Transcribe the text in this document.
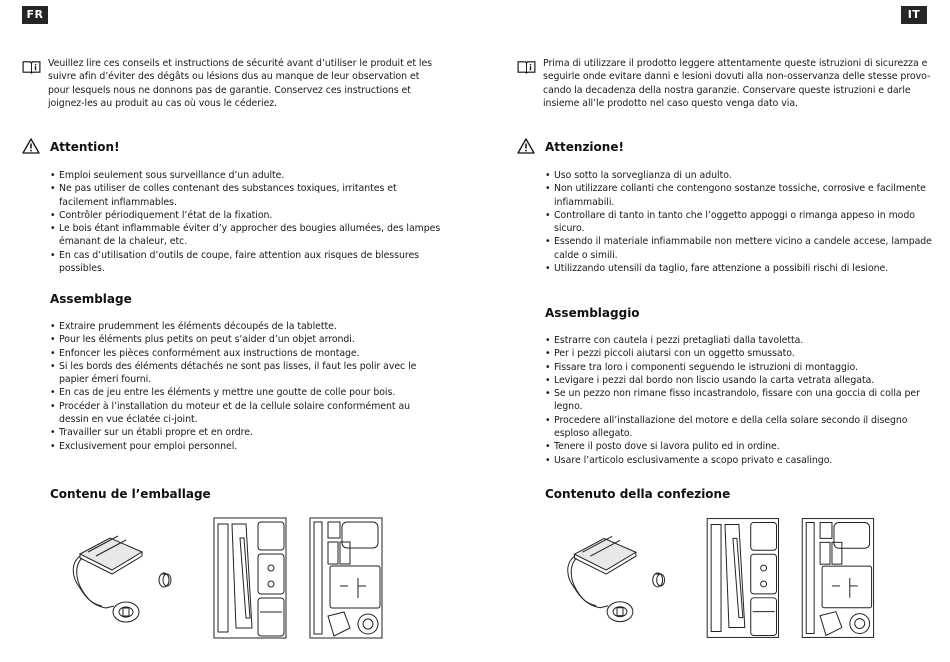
FR	IT

Veuillez lire ces conseils et instructions de sécurité avant d’utiliser le produit et les suivre afin d’éviter des dégâts ou lésions dus au manque de leur observation et pour lesquels nous ne donnons pas de garantie. Conservez ces instructions et joignez-les au produit au cas où vous le céderiez.

Attention!
• Emploi seulement sous surveillance d’un adulte.
• Ne pas utiliser de colles contenant des substances toxiques, irritantes et facilement inflammables.
• Contrôler périodiquement l’état de la fixation.
• Le bois étant inflammable éviter d’y approcher des bougies allumées, des lampes émanant de la chaleur, etc.
• En cas d’utilisation d’outils de coupe, faire attention aux risques de blessures possibles.
Assemblage
• Extraire prudemment les éléments découpés de la tablette.
• Pour les éléments plus petits on peut s’aider d’un objet arrondi.
• Enfoncer les pièces conformément aux instructions de montage.
• Si les bords des éléments détachés ne sont pas lisses, il faut les polir avec le papier émeri fourni.
• En cas de jeu entre les éléments y mettre une goutte de colle pour bois.
• Procéder à l’installation du moteur et de la cellule solaire conformément au dessin en vue éclatée ci-joint.
• Travailler sur un établi propre et en ordre.
• Exclusivement pour emploi personnel.
Contenu de l’emballage

Prima di utilizzare il prodotto leggere attentamente queste istruzioni di sicurezza e seguirle onde evitare danni e lesioni dovuti alla non-osservanza delle stesse provo-cando la decadenza della nostra garanzie. Conservare queste istruzioni e darle insieme all’le prodotto nel caso questo venga dato via.

Attenzione!
• Uso sotto la sorveglianza di un adulto.
• Non utilizzare collanti che contengono sostanze tossiche, corrosive e facilmente infiammabili.
• Controllare di tanto in tanto che l’oggetto appoggi o rimanga appeso in modo sicuro.
• Essendo il materiale infiammabile non mettere vicino a candele accese, lampade calde o simili.
• Utilizzando utensili da taglio, fare attenzione a possibili rischi di lesione.
Assemblaggio
• Estrarre con cautela i pezzi pretagliati dalla tavoletta.
• Per i pezzi piccoli aiutarsi con un oggetto smussato.
• Fissare tra loro i componenti seguendo le istruzioni di montaggio.
• Levigare i pezzi dal bordo non liscio usando la carta vetrata allegata.
• Se un pezzo non rimane fisso incastrandolo, fissare con una goccia di colla per legno.
• Procedere all’installazione del motore e della cella solare secondo il disegno esploso allegato.
• Tenere il posto dove si lavora pulito ed in ordine.
• Usare l’articolo esclusivamente a scopo privato e casalingo.
Contenuto della confezione
